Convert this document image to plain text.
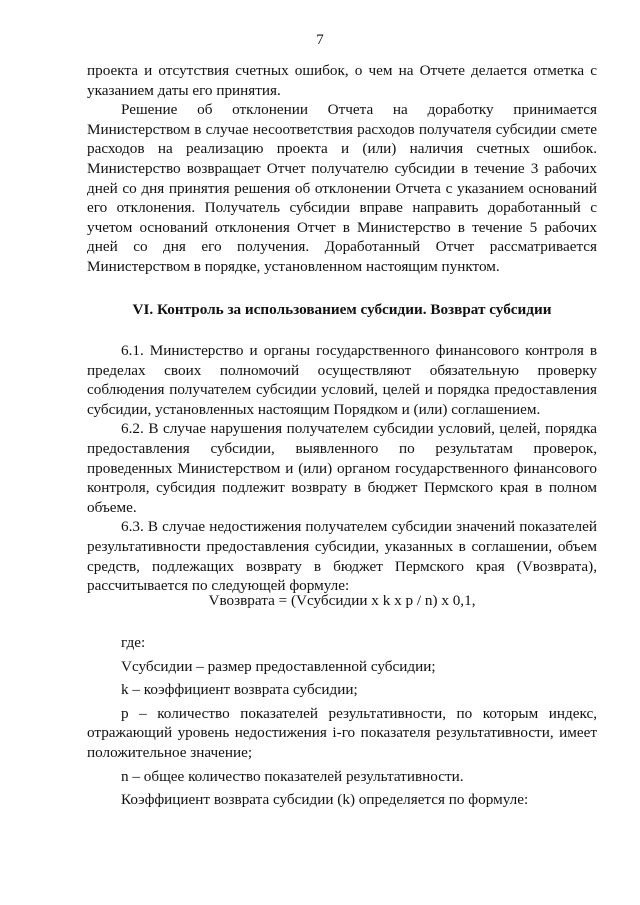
7

проекта и отсутствия счетных ошибок, о чем на Отчете делается отметка с указанием даты его принятия.

Решение об отклонении Отчета на доработку принимается Министерством в случае несоответствия расходов получателя субсидии смете расходов на реализацию проекта и (или) наличия счетных ошибок. Министерство возвращает Отчет получателю субсидии в течение 3 рабочих дней со дня принятия решения об отклонении Отчета с указанием оснований его отклонения. Получатель субсидии вправе направить доработанный с учетом оснований отклонения Отчет в Министерство в течение 5 рабочих дней со дня его получения. Доработанный Отчет рассматривается Министерством в порядке, установленном настоящим пунктом.

VI. Контроль за использованием субсидии. Возврат субсидии

6.1. Министерство и органы государственного финансового контроля в пределах своих полномочий осуществляют обязательную проверку соблюдения получателем субсидии условий, целей и порядка предоставления субсидии, установленных настоящим Порядком и (или) соглашением.

6.2. В случае нарушения получателем субсидии условий, целей, порядка предоставления субсидии, выявленного по результатам проверок, проведенных Министерством и (или) органом государственного финансового контроля, субсидия подлежит возврату в бюджет Пермского края в полном объеме.

6.3. В случае недостижения получателем субсидии значений показателей результативности предоставления субсидии, указанных в соглашении, объем средств, подлежащих возврату в бюджет Пермского края (Vвозврата), рассчитывается по следующей формуле:

Vвозврата = (Vсубсидии x k x p / n) x 0,1,

где:

Vсубсидии – размер предоставленной субсидии;

k – коэффициент возврата субсидии;

р – количество показателей результативности, по которым индекс, отражающий уровень недостижения i-го показателя результативности, имеет положительное значение;

n – общее количество показателей результативности.

Коэффициент возврата субсидии (k) определяется по формуле:
